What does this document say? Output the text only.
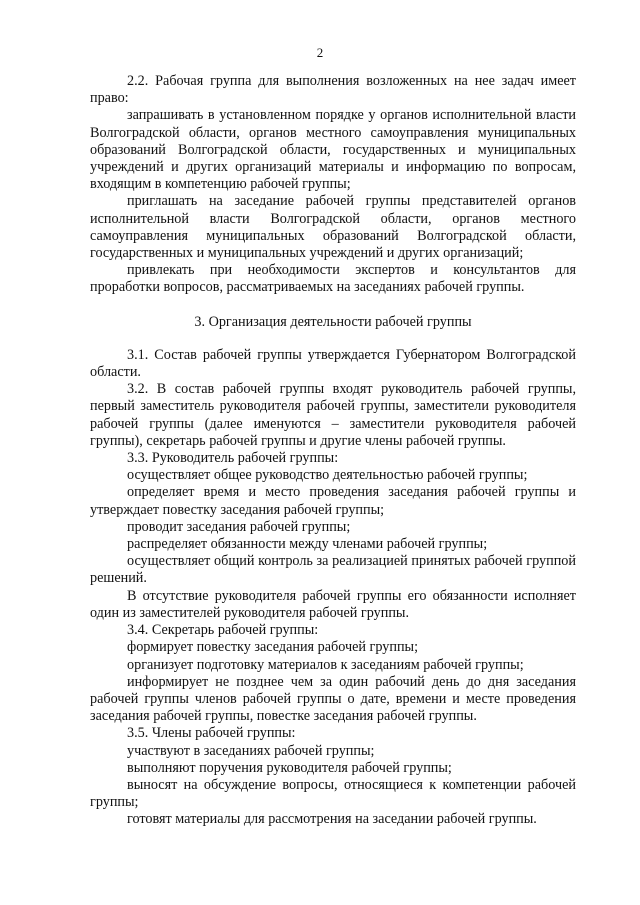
2

2.2. Рабочая группа для выполнения возложенных на нее задач имеет право:

запрашивать в установленном порядке у органов исполнительной власти Волгоградской области, органов местного самоуправления муниципальных образований Волгоградской области, государственных и муниципальных учреждений и других организаций материалы и информацию по вопросам, входящим в компетенцию рабочей группы;

приглашать на заседание рабочей группы представителей органов исполнительной власти Волгоградской области, органов местного самоуправления муниципальных образований Волгоградской области, государственных и муниципальных учреждений и других организаций;

привлекать при необходимости экспертов и консультантов для проработки вопросов, рассматриваемых на заседаниях рабочей группы.

3. Организация деятельности рабочей группы

3.1. Состав рабочей группы утверждается Губернатором Волгоградской области.

3.2. В состав рабочей группы входят руководитель рабочей группы, первый заместитель руководителя рабочей группы, заместители руководителя рабочей группы (далее именуются – заместители руководителя рабочей группы), секретарь рабочей группы и другие члены рабочей группы.

3.3. Руководитель рабочей группы:

осуществляет общее руководство деятельностью рабочей группы;

определяет время и место проведения заседания рабочей группы и утверждает повестку заседания рабочей группы;

проводит заседания рабочей группы;

распределяет обязанности между членами рабочей группы;

осуществляет общий контроль за реализацией принятых рабочей группой решений.

В отсутствие руководителя рабочей группы его обязанности исполняет один из заместителей руководителя рабочей группы.

3.4. Секретарь рабочей группы:

формирует повестку заседания рабочей группы;

организует подготовку материалов к заседаниям рабочей группы;

информирует не позднее чем за один рабочий день до дня заседания рабочей группы членов рабочей группы о дате, времени и месте проведения заседания рабочей группы, повестке заседания рабочей группы.

3.5. Члены рабочей группы:

участвуют в заседаниях рабочей группы;

выполняют поручения руководителя рабочей группы;

выносят на обсуждение вопросы, относящиеся к компетенции рабочей группы;

готовят материалы для рассмотрения на заседании рабочей группы.
